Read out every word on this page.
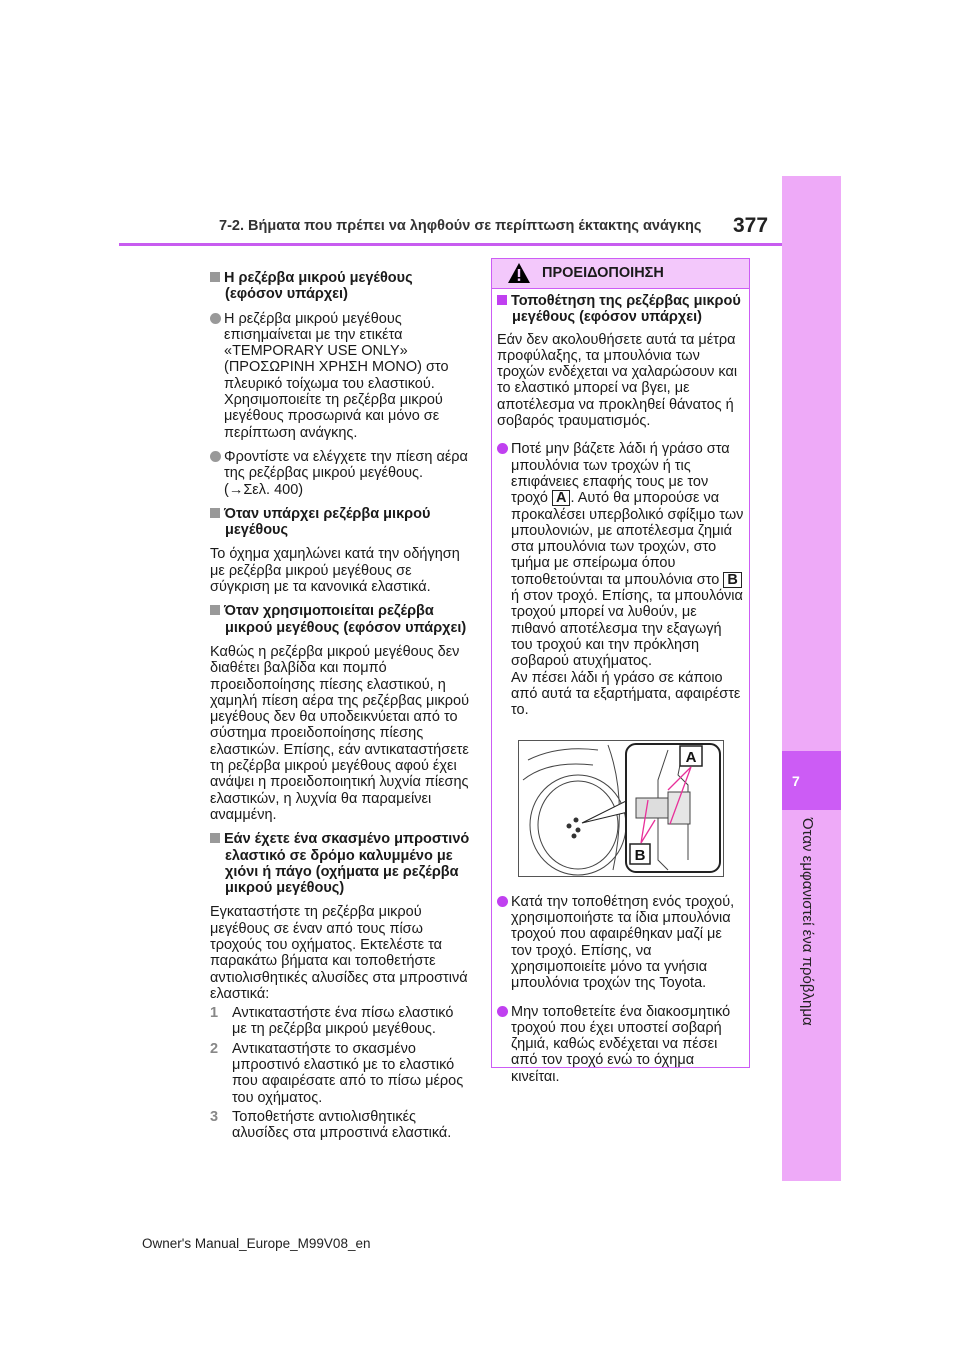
7-2. Βήματα που πρέπει να ληφθούν σε περίπτωση έκτακτης ανάγκης 377
7
Όταν εμφανιστεί ένα πρόβλημα
Η ρεζέρβα μικρού μεγέθους (εφόσον υπάρχει)
Η ρεζέρβα μικρού μεγέθους επισημαίνεται με την ετικέτα «TEMPORARY USE ONLY» (ΠΡΟΣΩΡΙΝΗ ΧΡΗΣΗ ΜΟΝΟ) στο πλευρικό τοίχωμα του ελαστικού. Χρησιμοποιείτε τη ρεζέρβα μικρού μεγέθους προσωρινά και μόνο σε περίπτωση ανάγκης.
Φροντίστε να ελέγχετε την πίεση αέρα της ρεζέρβας μικρού μεγέθους. (→Σελ. 400)
Όταν υπάρχει ρεζέρβα μικρού μεγέθους
Το όχημα χαμηλώνει κατά την οδήγηση με ρεζέρβα μικρού μεγέθους σε σύγκριση με τα κανονικά ελαστικά.
Όταν χρησιμοποιείται ρεζέρβα μικρού μεγέθους (εφόσον υπάρχει)
Καθώς η ρεζέρβα μικρού μεγέθους δεν διαθέτει βαλβίδα και πομπό προειδοποίησης πίεσης ελαστικού, η χαμηλή πίεση αέρα της ρεζέρβας μικρού μεγέθους δεν θα υποδεικνύεται από το σύστημα προειδοποίησης πίεσης ελαστικών. Επίσης, εάν αντικαταστήσετε τη ρεζέρβα μικρού μεγέθους αφού έχει ανάψει η προειδοποιητική λυχνία πίεσης ελαστικών, η λυχνία θα παραμείνει αναμμένη.
Εάν έχετε ένα σκασμένο μπροστινό ελαστικό σε δρόμο καλυμμένο με χιόνι ή πάγο (οχήματα με ρεζέρβα μικρού μεγέθους)
Εγκαταστήστε τη ρεζέρβα μικρού μεγέθους σε έναν από τους πίσω τροχούς του οχήματος. Εκτελέστε τα παρακάτω βήματα και τοποθετήστε αντιολισθητικές αλυσίδες στα μπροστινά ελαστικά:
1 Αντικαταστήστε ένα πίσω ελαστικό με τη ρεζέρβα μικρού μεγέθους.
2 Αντικαταστήστε το σκασμένο μπροστινό ελαστικό με το ελαστικό που αφαιρέσατε από το πίσω μέρος του οχήματος.
3 Τοποθετήστε αντιολισθητικές αλυσίδες στα μπροστινά ελαστικά.
ΠΡΟΕΙΔΟΠΟΙΗΣΗ
Τοποθέτηση της ρεζέρβας μικρού μεγέθους (εφόσον υπάρχει)
Εάν δεν ακολουθήσετε αυτά τα μέτρα προφύλαξης, τα μπουλόνια των τροχών ενδέχεται να χαλαρώσουν και το ελαστικό μπορεί να βγει, με αποτέλεσμα να προκληθεί θάνατος ή σοβαρός τραυματισμός.
Ποτέ μην βάζετε λάδι ή γράσο στα μπουλόνια των τροχών ή τις επιφάνειες επαφής τους με τον τροχό A . Αυτό θα μπορούσε να προκαλέσει υπερβολικό σφίξιμο των μπουλονιών, με αποτέλεσμα ζημιά στα μπουλόνια των τροχών, στο τμήμα με σπείρωμα όπου τοποθετούνται τα μπουλόνια στο B ή στον τροχό. Επίσης, τα μπουλόνια τροχού μπορεί να λυθούν, με πιθανό αποτέλεσμα την εξαγωγή του τροχού και την πρόκληση σοβαρού ατυχήματος.
Αν πέσει λάδι ή γράσο σε κάποιο από αυτά τα εξαρτήματα, αφαιρέστε το.
A
B
Κατά την τοποθέτηση ενός τροχού, χρησιμοποιήστε τα ίδια μπουλόνια τροχού που αφαιρέθηκαν μαζί με τον τροχό. Επίσης, να χρησιμοποιείτε μόνο τα γνήσια μπουλόνια τροχών της Toyota.
Μην τοποθετείτε ένα διακοσμητικό τροχού που έχει υποστεί σοβαρή ζημιά, καθώς ενδέχεται να πέσει από τον τροχό ενώ το όχημα κινείται.
Owner's Manual_Europe_M99V08_en
